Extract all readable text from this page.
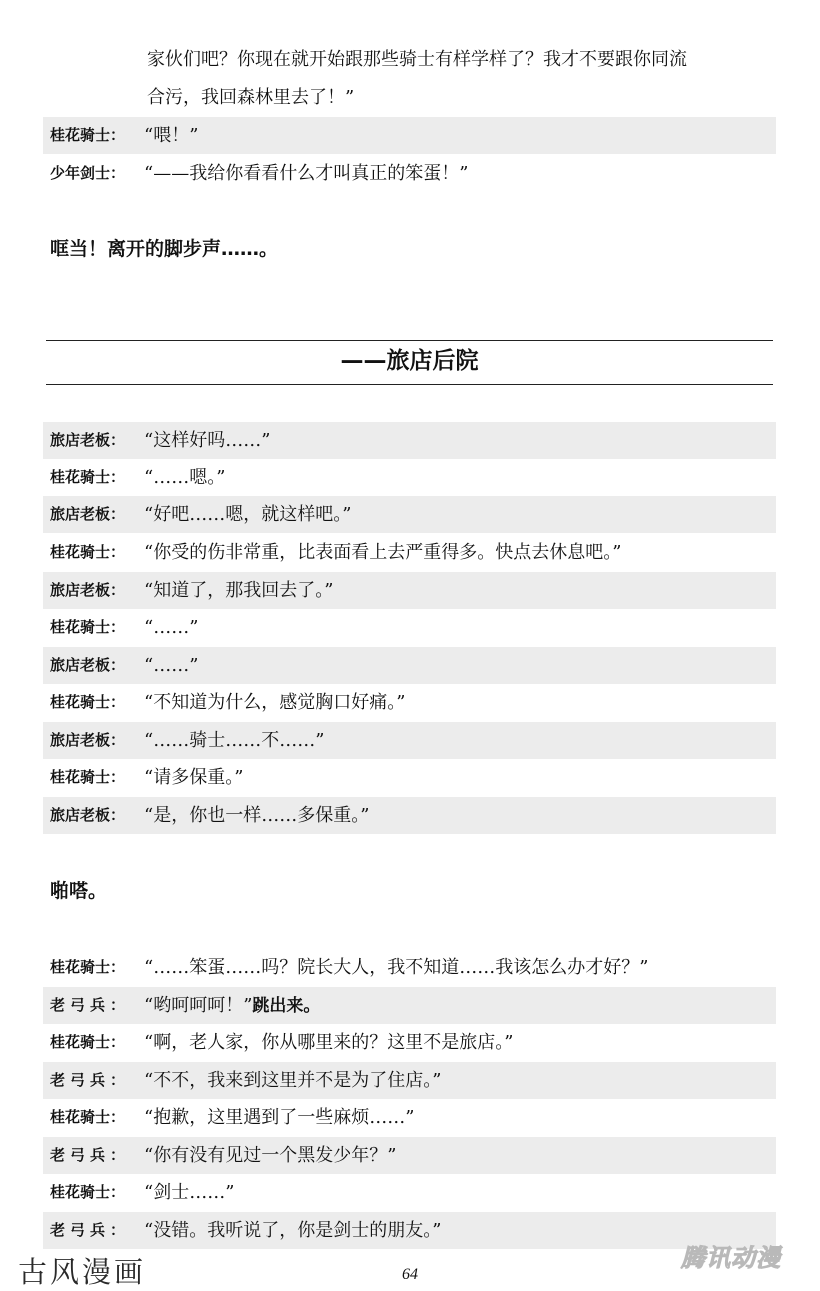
家伙们吧？你现在就开始跟那些骑士有样学样了？我才不要跟你同流
合污，我回森林里去了！”
桂花骑士： “喂！”
少年剑士： “——我给你看看什么才叫真正的笨蛋！”
哐当！离开的脚步声……。
——旅店后院
旅店老板： “这样好吗……”
桂花骑士： “……嗯。”
旅店老板： “好吧……嗯，就这样吧。”
桂花骑士： “你受的伤非常重，比表面看上去严重得多。快点去休息吧。”
旅店老板： “知道了，那我回去了。”
桂花骑士： “……”
旅店老板： “……”
桂花骑士： “不知道为什么，感觉胸口好痛。”
旅店老板： “……骑士……不……”
桂花骑士： “请多保重。”
旅店老板： “是，你也一样……多保重。”
啪嗒。
桂花骑士： “……笨蛋……吗？院长大人，我不知道……我该怎么办才好？”
老弓兵： “哟呵呵呵！”跳出来。
桂花骑士： “啊，老人家，你从哪里来的？这里不是旅店。”
老弓兵： “不不，我来到这里并不是为了住店。”
桂花骑士： “抱歉，这里遇到了一些麻烦……”
老弓兵： “你有没有见过一个黑发少年？”
桂花骑士： “剑士……”
老弓兵： “没错。我听说了，你是剑士的朋友。”
古风漫画	64
腾讯动漫
